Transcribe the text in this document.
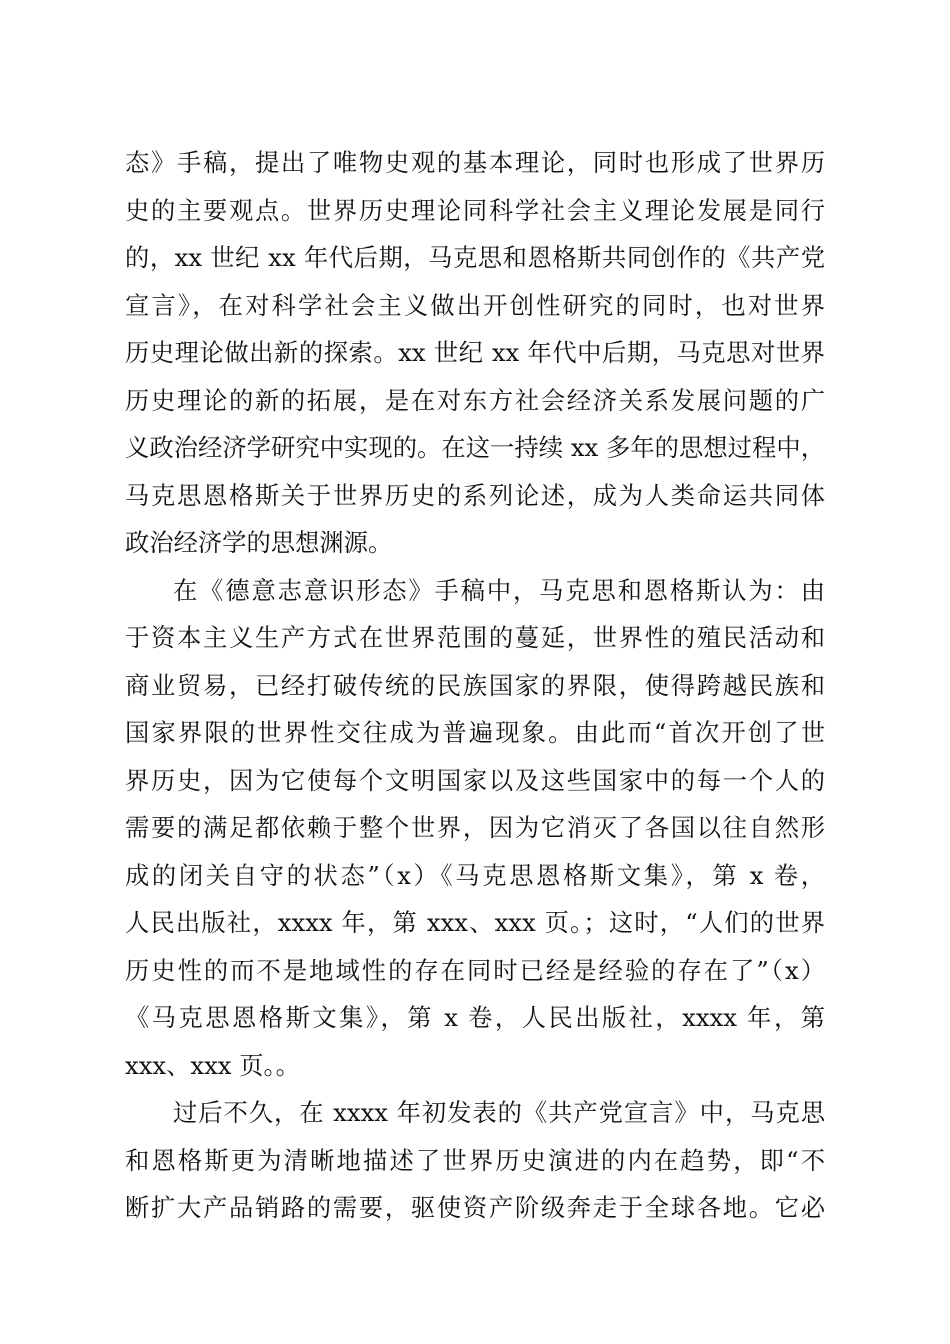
态》手稿，提出了唯物史观的基本理论，同时也形成了世界历
史的主要观点。世界历史理论同科学社会主义理论发展是同行
的，xx 世纪 xx 年代后期，马克思和恩格斯共同创作的《共产党
宣言》，在对科学社会主义做出开创性研究的同时，也对世界
历史理论做出新的探索。xx 世纪 xx 年代中后期，马克思对世界
历史理论的新的拓展，是在对东方社会经济关系发展问题的广
义政治经济学研究中实现的。在这一持续 xx 多年的思想过程中，
马克思恩格斯关于世界历史的系列论述，成为人类命运共同体
政治经济学的思想渊源。
在《德意志意识形态》手稿中，马克思和恩格斯认为：由
于资本主义生产方式在世界范围的蔓延，世界性的殖民活动和
商业贸易，已经打破传统的民族国家的界限，使得跨越民族和
国家界限的世界性交往成为普遍现象。由此而“首次开创了世
界历史，因为它使每个文明国家以及这些国家中的每一个人的
需要的满足都依赖于整个世界，因为它消灭了各国以往自然形
成的闭关自守的状态”（x）《马克思恩格斯文集》，第 x 卷，
人民出版社，xxxx 年，第 xxx、xxx 页。；这时，“人们的世界
历史性的而不是地域性的存在同时已经是经验的存在了”（x）
《马克思恩格斯文集》，第 x 卷，人民出版社，xxxx 年，第
xxx、xxx 页。。
过后不久，在 xxxx 年初发表的《共产党宣言》中，马克思
和恩格斯更为清晰地描述了世界历史演进的内在趋势，即“不
断扩大产品销路的需要，驱使资产阶级奔走于全球各地。它必
